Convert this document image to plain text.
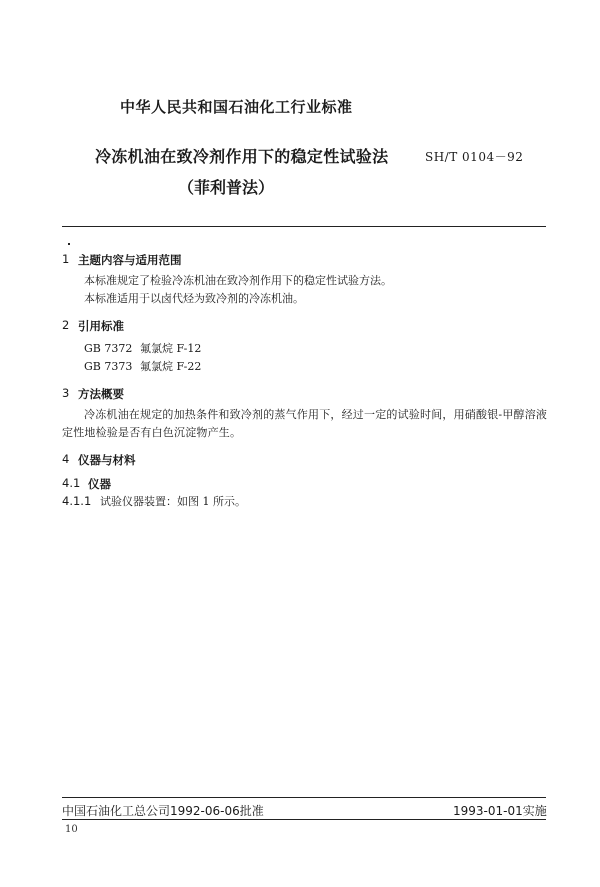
中华人民共和国石油化工行业标准
冷冻机油在致冷剂作用下的稳定性试验法	SH/T 0104－92
（菲利普法）
1 主题内容与适用范围
本标准规定了检验冷冻机油在致冷剂作用下的稳定性试验方法。
本标准适用于以卤代烃为致冷剂的冷冻机油。
2 引用标准
GB 7372 氟氯烷 F-12
GB 7373 氟氯烷 F-22
3 方法概要
冷冻机油在规定的加热条件和致冷剂的蒸气作用下，经过一定的试验时间，用硝酸银-甲醇溶液定性地检验是否有白色沉淀物产生。
4 仪器与材料
4.1 仪器
4.1.1 试验仪器装置：如图 1 所示。
中国石油化工总公司1992-06-06批准	1993-01-01实施
10
